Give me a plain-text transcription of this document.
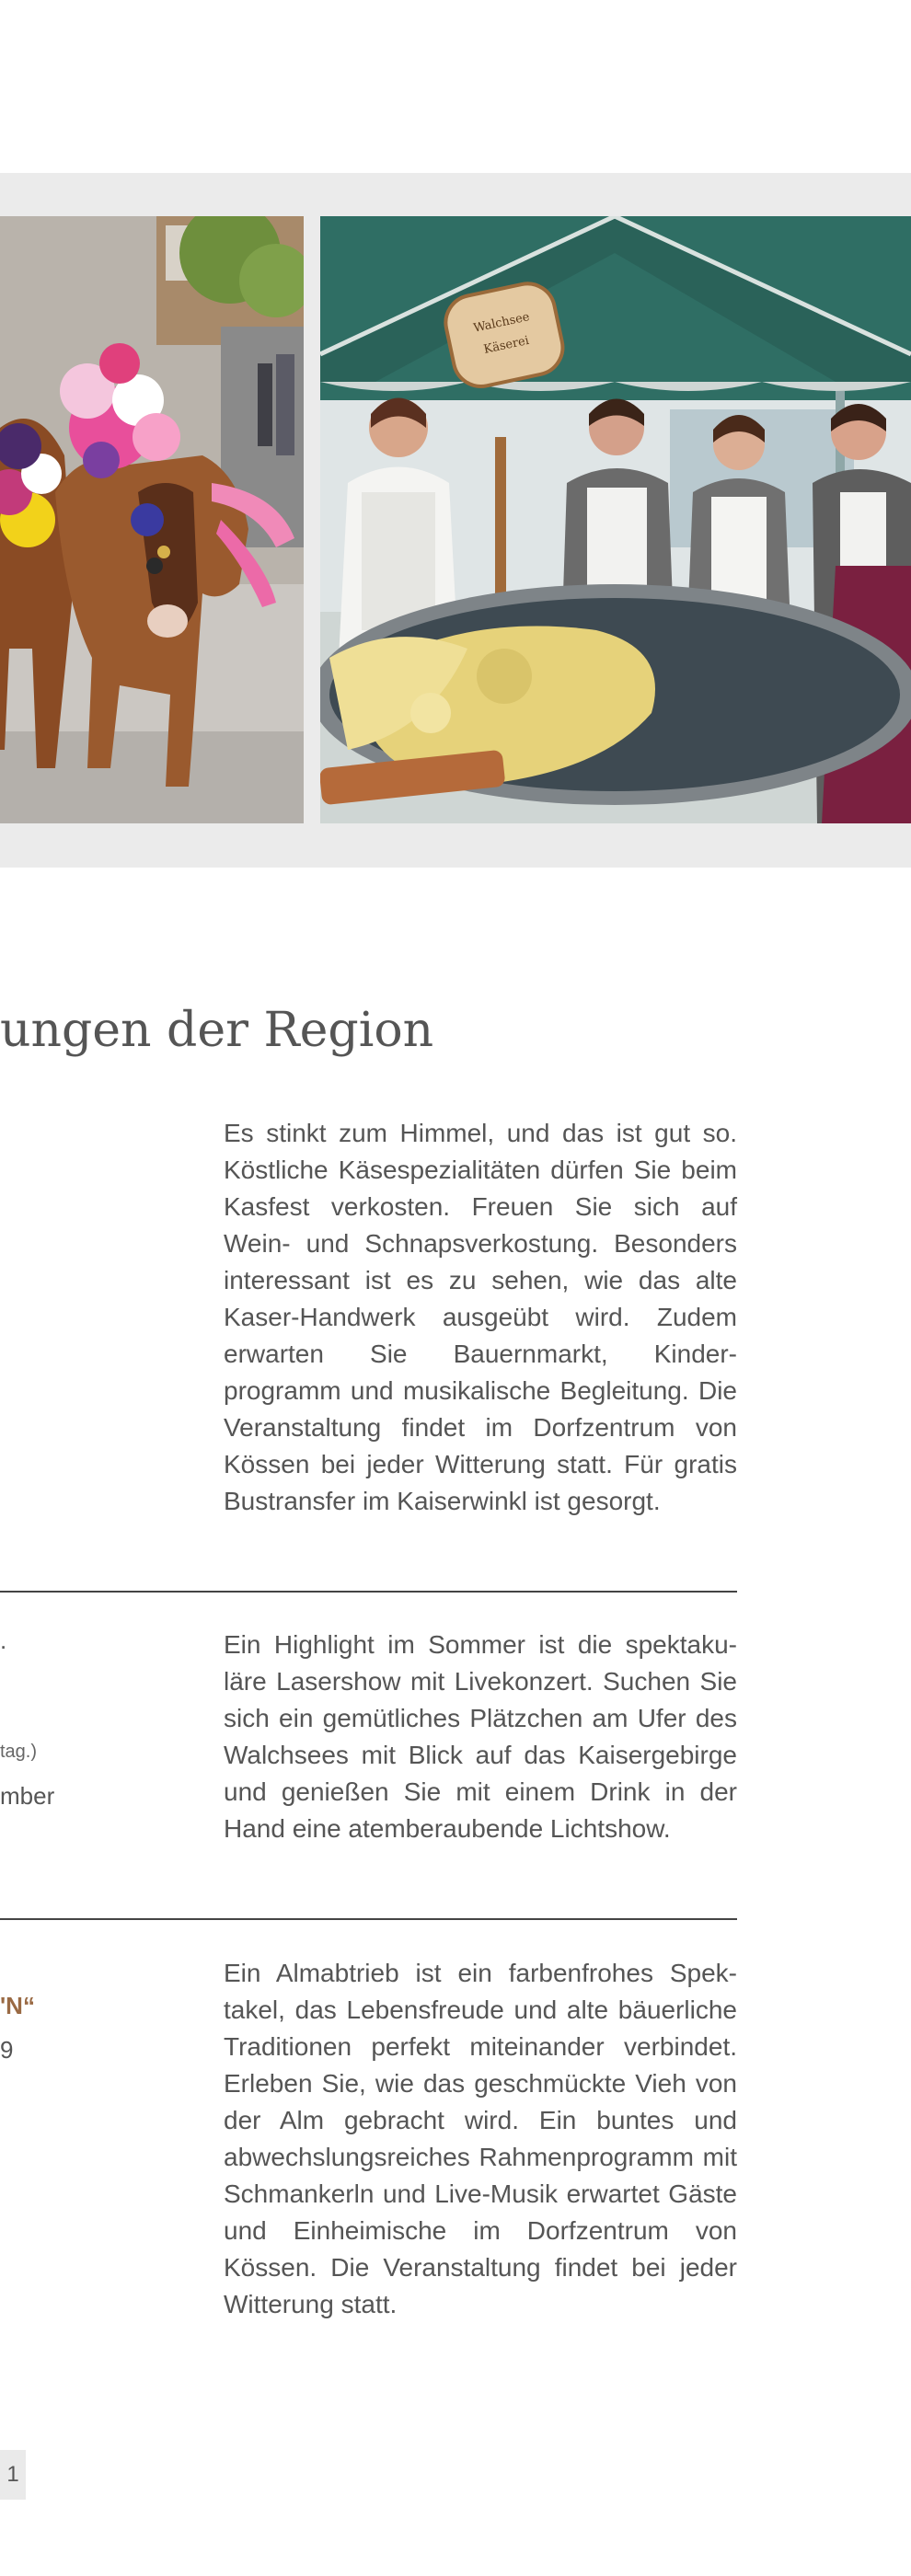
Walchsee
Käserei
ungen der Region

Es stinkt zum Himmel, und das ist gut so. Köstliche Käsespezialitäten dürfen Sie beim Kasfest verkosten. Freuen Sie sich auf Wein- und Schnapsverkostung. Besonders interessant ist es zu sehen, wie das alte Kaser-Handwerk ausgeübt wird. Zudem erwarten Sie Bauernmarkt, Kinder-programm und musikalische Begleitung. Die Veranstaltung findet im Dorfzentrum von Kössen bei jeder Witterung statt. Für gratis Bustransfer im Kaiserwinkl ist gesorgt.

.
tag.)
mber

Ein Highlight im Sommer ist die spektaku-läre Lasershow mit Livekonzert. Suchen Sie sich ein gemütliches Plätzchen am Ufer des Walchsees mit Blick auf das Kaisergebirge und genießen Sie mit einem Drink in der Hand eine atemberaubende Lichtshow.

'N“
9

Ein Almabtrieb ist ein farbenfrohes Spek-takel, das Lebensfreude und alte bäuerliche Traditionen perfekt miteinander verbindet. Erleben Sie, wie das geschmückte Vieh von der Alm gebracht wird. Ein buntes und abwechslungsreiches Rahmenprogramm mit Schmankerln und Live-Musik erwartet Gäste und Einheimische im Dorfzentrum von Kössen. Die Veranstaltung findet bei jeder Witterung statt.

1
